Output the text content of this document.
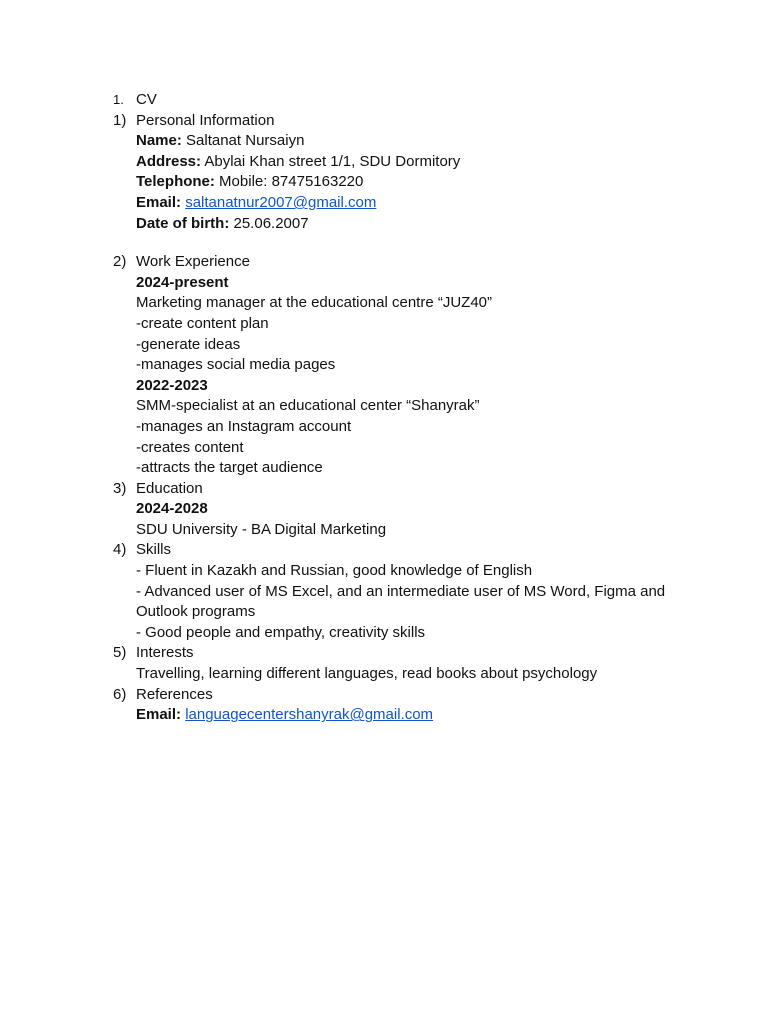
1. CV
1) Personal Information
Name: Saltanat Nursaiyn
Address: Abylai Khan street 1/1, SDU Dormitory
Telephone: Mobile: 87475163220
Email: saltanatnur2007@gmail.com
Date of birth: 25.06.2007
2) Work Experience
2024-present
Marketing manager at the educational centre “JUZ40”
-create content plan
-generate ideas
-manages social media pages
2022-2023
SMM-specialist at an educational center “Shanyrak”
-manages an Instagram account
-creates content
-attracts the target audience
3) Education
2024-2028
SDU University - BA Digital Marketing
4) Skills
- Fluent in Kazakh and Russian, good knowledge of English
- Advanced user of MS Excel, and an intermediate user of MS Word, Figma and Outlook programs
- Good people and empathy, creativity skills
5) Interests
Travelling, learning different languages, read books about psychology
6) References
Email: languagecentershanyrak@gmail.com
